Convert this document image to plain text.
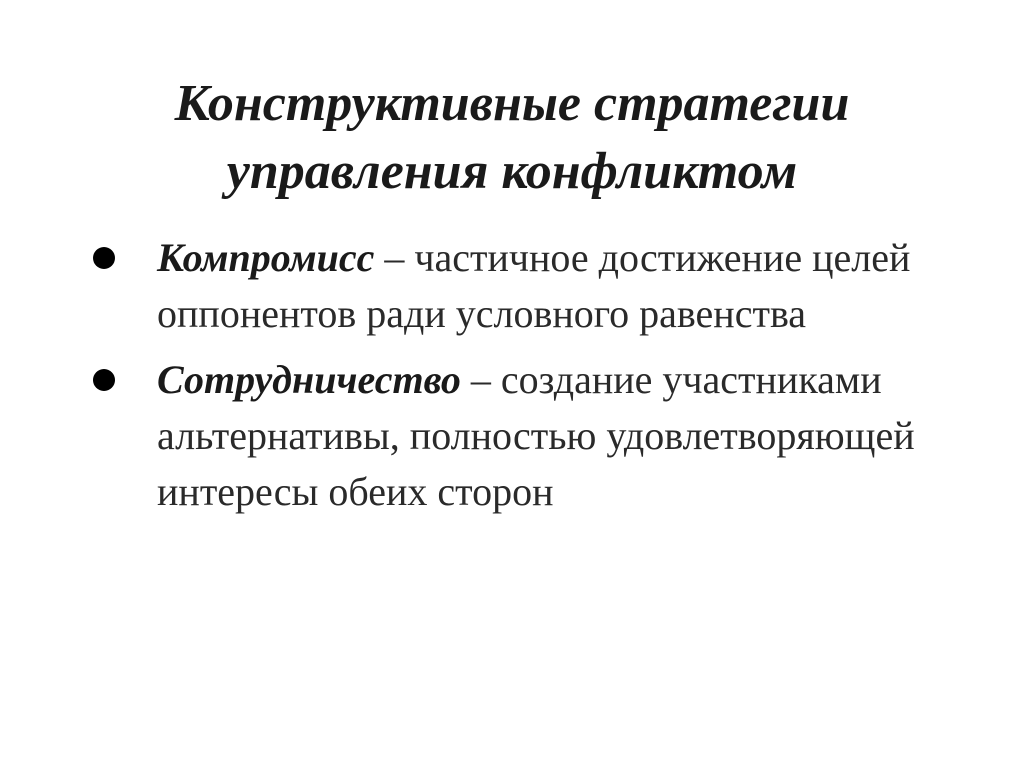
Конструктивные стратегии
управления конфликтом
Компромисс – частичное достижение целей оппонентов ради условного равенства
Сотрудничество – создание участниками альтернативы, полностью удовлетворяющей интересы обеих сторон
